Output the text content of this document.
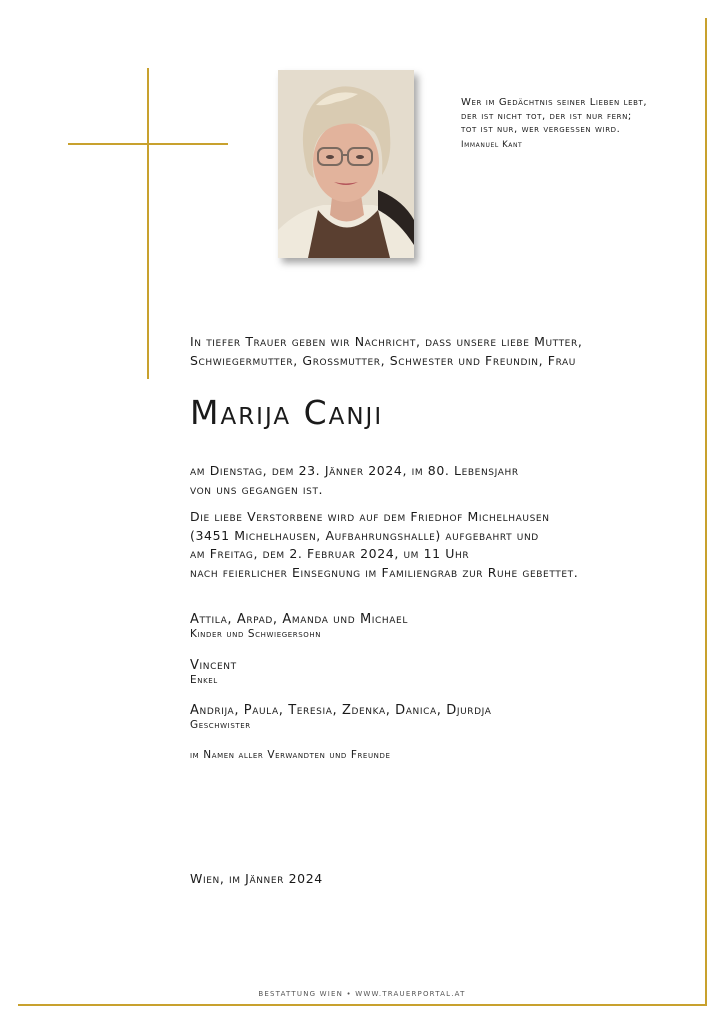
Wer im Gedächtnis seiner Lieben lebt,
der ist nicht tot, der ist nur fern;
tot ist nur, wer vergessen wird.
Immanuel Kant
In tiefer Trauer geben wir Nachricht, dass unsere liebe Mutter,
Schwiegermutter, Grossmutter, Schwester und Freundin, Frau
Marija Canji
am Dienstag, dem 23. Jänner 2024, im 80. Lebensjahr
von uns gegangen ist.
Die liebe Verstorbene wird auf dem Friedhof Michelhausen
(3451 Michelhausen, Aufbahrungshalle) aufgebahrt und
am Freitag, dem 2. Februar 2024, um 11 Uhr
nach feierlicher Einsegnung im Familiengrab zur Ruhe gebettet.
Attila, Arpad, Amanda und Michael
Kinder und Schwiegersohn
Vincent
Enkel
Andrija, Paula, Teresia, Zdenka, Danica, Djurdja
Geschwister
im Namen aller Verwandten und Freunde
Wien, im Jänner 2024
BESTATTUNG WIEN • WWW.TRAUERPORTAL.AT
